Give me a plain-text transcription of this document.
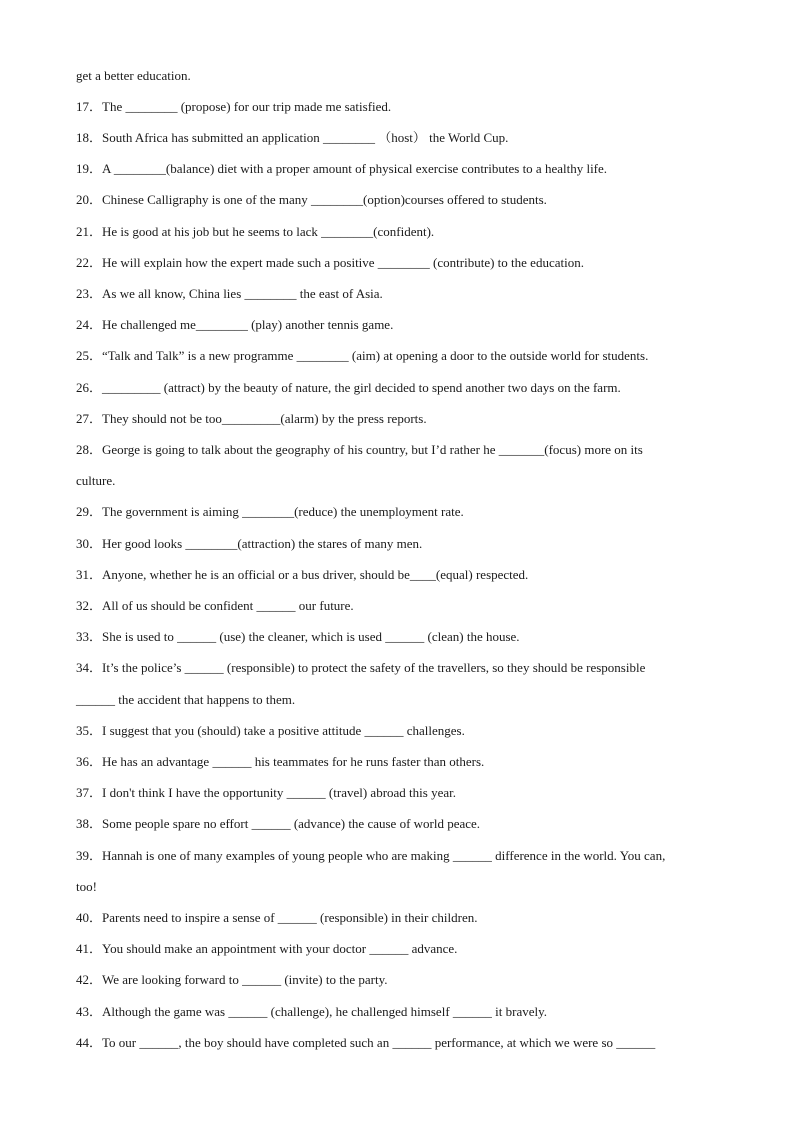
get a better education.
17．The ________ (propose) for our trip made me satisfied.
18．South Africa has submitted an application ________ （host） the World Cup.
19．A ________(balance) diet with a proper amount of physical exercise contributes to a healthy life.
20．Chinese Calligraphy is one of the many ________(option)courses offered to students.
21．He is good at his job but he seems to lack ________(confident).
22．He will explain how the expert made such a positive ________ (contribute) to the education.
23．As we all know, China lies ________ the east of Asia.
24．He challenged me________ (play) another tennis game.
25．“Talk and Talk” is a new programme ________ (aim) at opening a door to the outside world for students.
26．_________ (attract) by the beauty of nature, the girl decided to spend another two days on the farm.
27．They should not be too_________(alarm) by the press reports.
28．George is going to talk about the geography of his country, but I’d rather he _______(focus) more on its
culture.
29．The government is aiming ________(reduce) the unemployment rate.
30．Her good looks ________(attraction) the stares of many men.
31．Anyone, whether he is an official or a bus driver, should be____(equal) respected.
32．All of us should be confident ______ our future.
33．She is used to ______ (use) the cleaner, which is used ______ (clean) the house.
34．It’s the police’s ______ (responsible) to protect the safety of the travellers, so they should be responsible
______ the accident that happens to them.
35．I suggest that you (should) take a positive attitude ______ challenges.
36．He has an advantage ______ his teammates for he runs faster than others.
37．I don't think I have the opportunity ______ (travel) abroad this year.
38．Some people spare no effort ______ (advance) the cause of world peace.
39．Hannah is one of many examples of young people who are making ______ difference in the world. You can,
too!
40．Parents need to inspire a sense of ______ (responsible) in their children.
41．You should make an appointment with your doctor ______ advance.
42．We are looking forward to ______ (invite) to the party.
43．Although the game was ______ (challenge), he challenged himself ______ it bravely.
44．To our ______, the boy should have completed such an ______ performance, at which we were so ______
